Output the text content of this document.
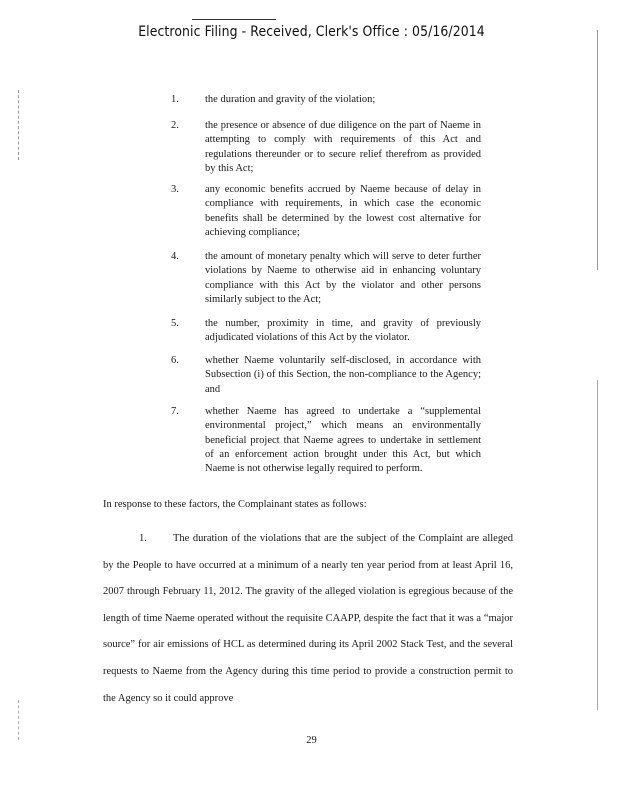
Electronic Filing - Received, Clerk's Office : 05/16/2014
1.	the duration and gravity of the violation;
2.	the presence or absence of due diligence on the part of Naeme in attempting to comply with requirements of this Act and regulations thereunder or to secure relief therefrom as provided by this Act;
3.	any economic benefits accrued by Naeme because of delay in compliance with requirements, in which case the economic benefits shall be determined by the lowest cost alternative for achieving compliance;
4.	the amount of monetary penalty which will serve to deter further violations by Naeme to otherwise aid in enhancing voluntary compliance with this Act by the violator and other persons similarly subject to the Act;
5.	the number, proximity in time, and gravity of previously adjudicated violations of this Act by the violator.
6.	whether Naeme voluntarily self-disclosed, in accordance with Subsection (i) of this Section, the non-compliance to the Agency; and
7.	whether Naeme has agreed to undertake a “supplemental environmental project,” which means an environmentally beneficial project that Naeme agrees to undertake in settlement of an enforcement action brought under this Act, but which Naeme is not otherwise legally required to perform.
In response to these factors, the Complainant states as follows:
1. The duration of the violations that are the subject of the Complaint are alleged by the People to have occurred at a minimum of a nearly ten year period from at least April 16, 2007 through February 11, 2012. The gravity of the alleged violation is egregious because of the length of time Naeme operated without the requisite CAAPP, despite the fact that it was a “major source” for air emissions of HCL as determined during its April 2002 Stack Test, and the several requests to Naeme from the Agency during this time period to provide a construction permit to the Agency so it could approve
29
